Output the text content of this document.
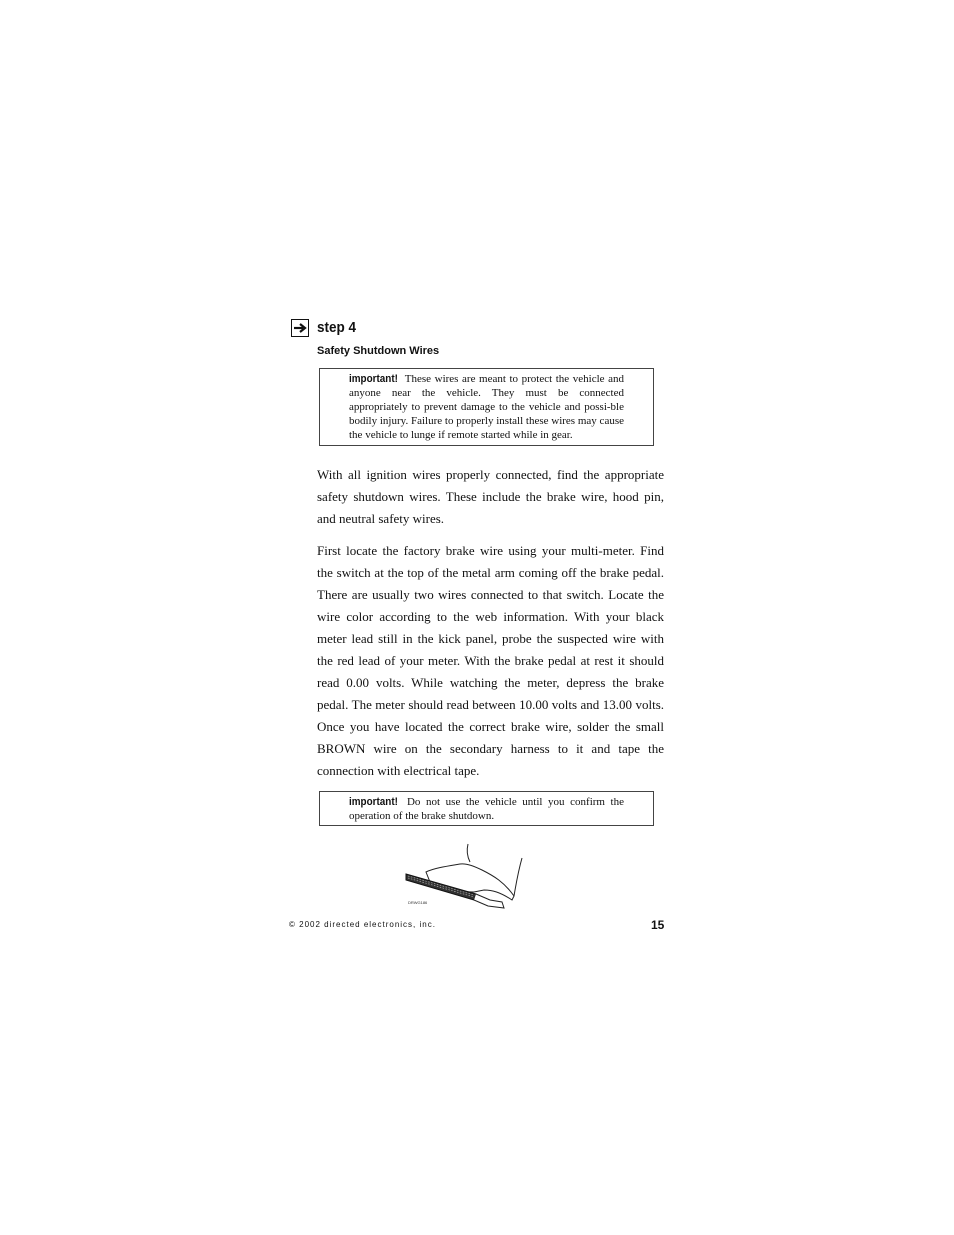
step 4
Safety Shutdown Wires
important! These wires are meant to protect the vehicle and anyone near the vehicle. They must be connected appropriately to prevent damage to the vehicle and possi-ble bodily injury. Failure to properly install these wires may cause the vehicle to lunge if remote started while in gear.

With all ignition wires properly connected, find the appropriate safety shutdown wires. These include the brake wire, hood pin, and neutral safety wires.

First locate the factory brake wire using your multi-meter. Find the switch at the top of the metal arm coming off the brake pedal. There are usually two wires connected to that switch. Locate the wire color according to the web information. With your black meter lead still in the kick panel, probe the suspected wire with the red lead of your meter. With the brake pedal at rest it should read 0.00 volts. While watching the meter, depress the brake pedal. The meter should read between 10.00 volts and 13.00 volts. Once you have located the correct brake wire, solder the small BROWN wire on the secondary harness to it and tape the connection with electrical tape.

important! Do not use the vehicle until you confirm the operation of the brake shutdown.
DRWG186
© 2002 directed electronics, inc.	15
